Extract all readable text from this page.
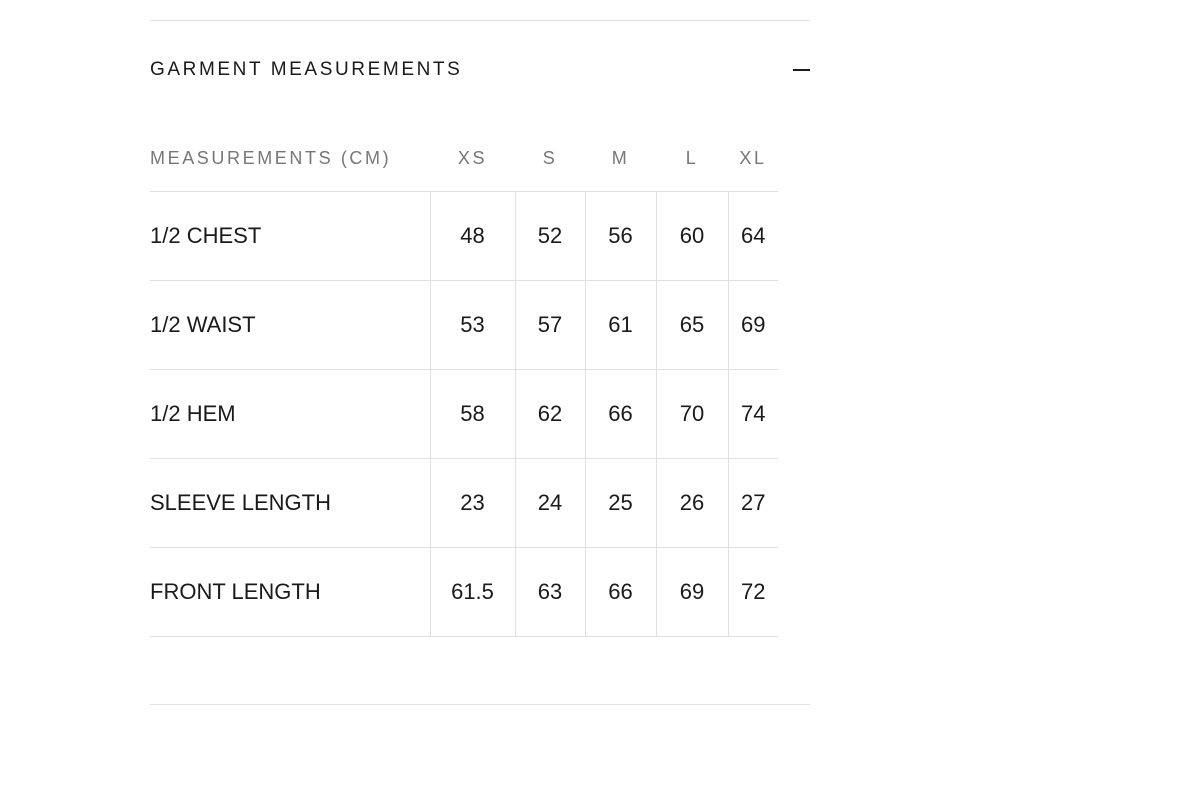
GARMENT MEASUREMENTS
MEASUREMENTS (CM)	XS	S	M	L	XL
1/2 CHEST	48	52	56	60	64
1/2 WAIST	53	57	61	65	69
1/2 HEM	58	62	66	70	74
SLEEVE LENGTH	23	24	25	26	27
FRONT LENGTH	61.5	63	66	69	72
